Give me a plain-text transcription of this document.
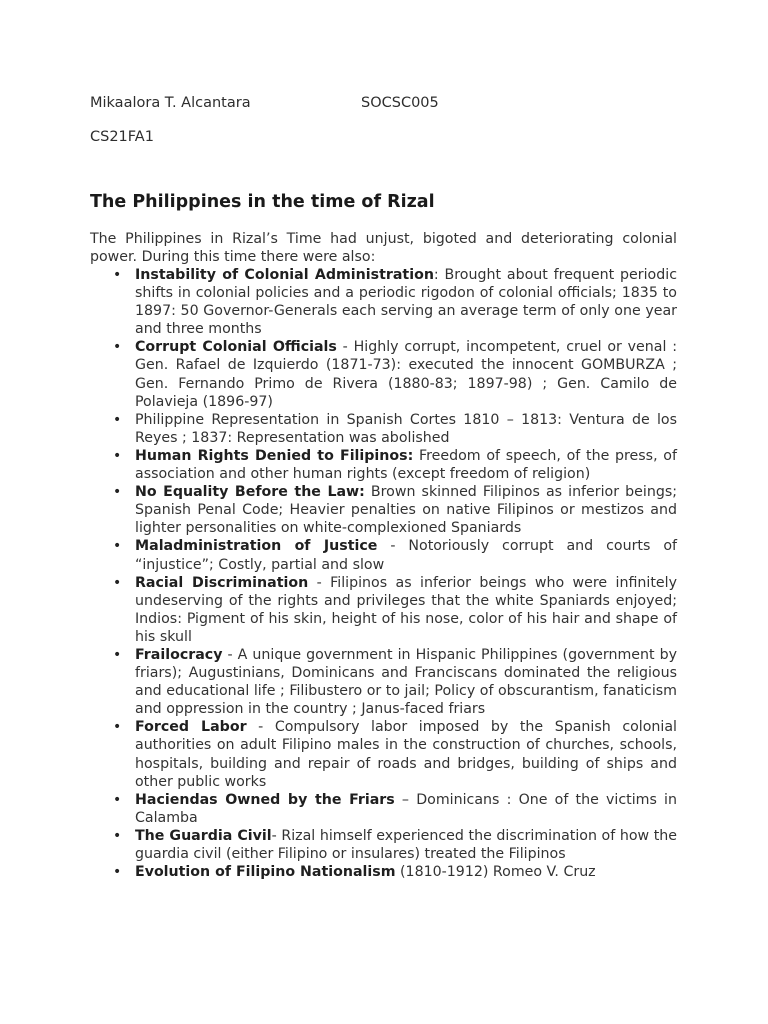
Mikaalora T. Alcantara	SOCSC005
CS21FA1
The Philippines in the time of Rizal

The Philippines in Rizal’s Time had unjust, bigoted and deteriorating colonial power. During this time there were also:

• Instability of Colonial Administration: Brought about frequent periodic shifts in colonial policies and a periodic rigodon of colonial officials; 1835 to 1897: 50 Governor-Generals each serving an average term of only one year and three months
• Corrupt Colonial Officials - Highly corrupt, incompetent, cruel or venal : Gen. Rafael de Izquierdo (1871-73): executed the innocent GOMBURZA ; Gen. Fernando Primo de Rivera (1880-83; 1897-98) ; Gen. Camilo de Polavieja (1896-97)
• Philippine Representation in Spanish Cortes 1810 – 1813: Ventura de los Reyes ; 1837: Representation was abolished
• Human Rights Denied to Filipinos: Freedom of speech, of the press, of association and other human rights (except freedom of religion)
• No Equality Before the Law: Brown skinned Filipinos as inferior beings; Spanish Penal Code; Heavier penalties on native Filipinos or mestizos and lighter personalities on white-complexioned Spaniards
• Maladministration of Justice - Notoriously corrupt and courts of “injustice”; Costly, partial and slow
• Racial Discrimination - Filipinos as inferior beings who were infinitely undeserving of the rights and privileges that the white Spaniards enjoyed; Indios: Pigment of his skin, height of his nose, color of his hair and shape of his skull
• Frailocracy - A unique government in Hispanic Philippines (government by friars); Augustinians, Dominicans and Franciscans dominated the religious and educational life ; Filibustero or to jail; Policy of obscurantism, fanaticism and oppression in the country ; Janus-faced friars
• Forced Labor - Compulsory labor imposed by the Spanish colonial authorities on adult Filipino males in the construction of churches, schools, hospitals, building and repair of roads and bridges, building of ships and other public works
• Haciendas Owned by the Friars – Dominicans : One of the victims in Calamba
• The Guardia Civil- Rizal himself experienced the discrimination of how the guardia civil (either Filipino or insulares) treated the Filipinos
• Evolution of Filipino Nationalism (1810-1912) Romeo V. Cruz
